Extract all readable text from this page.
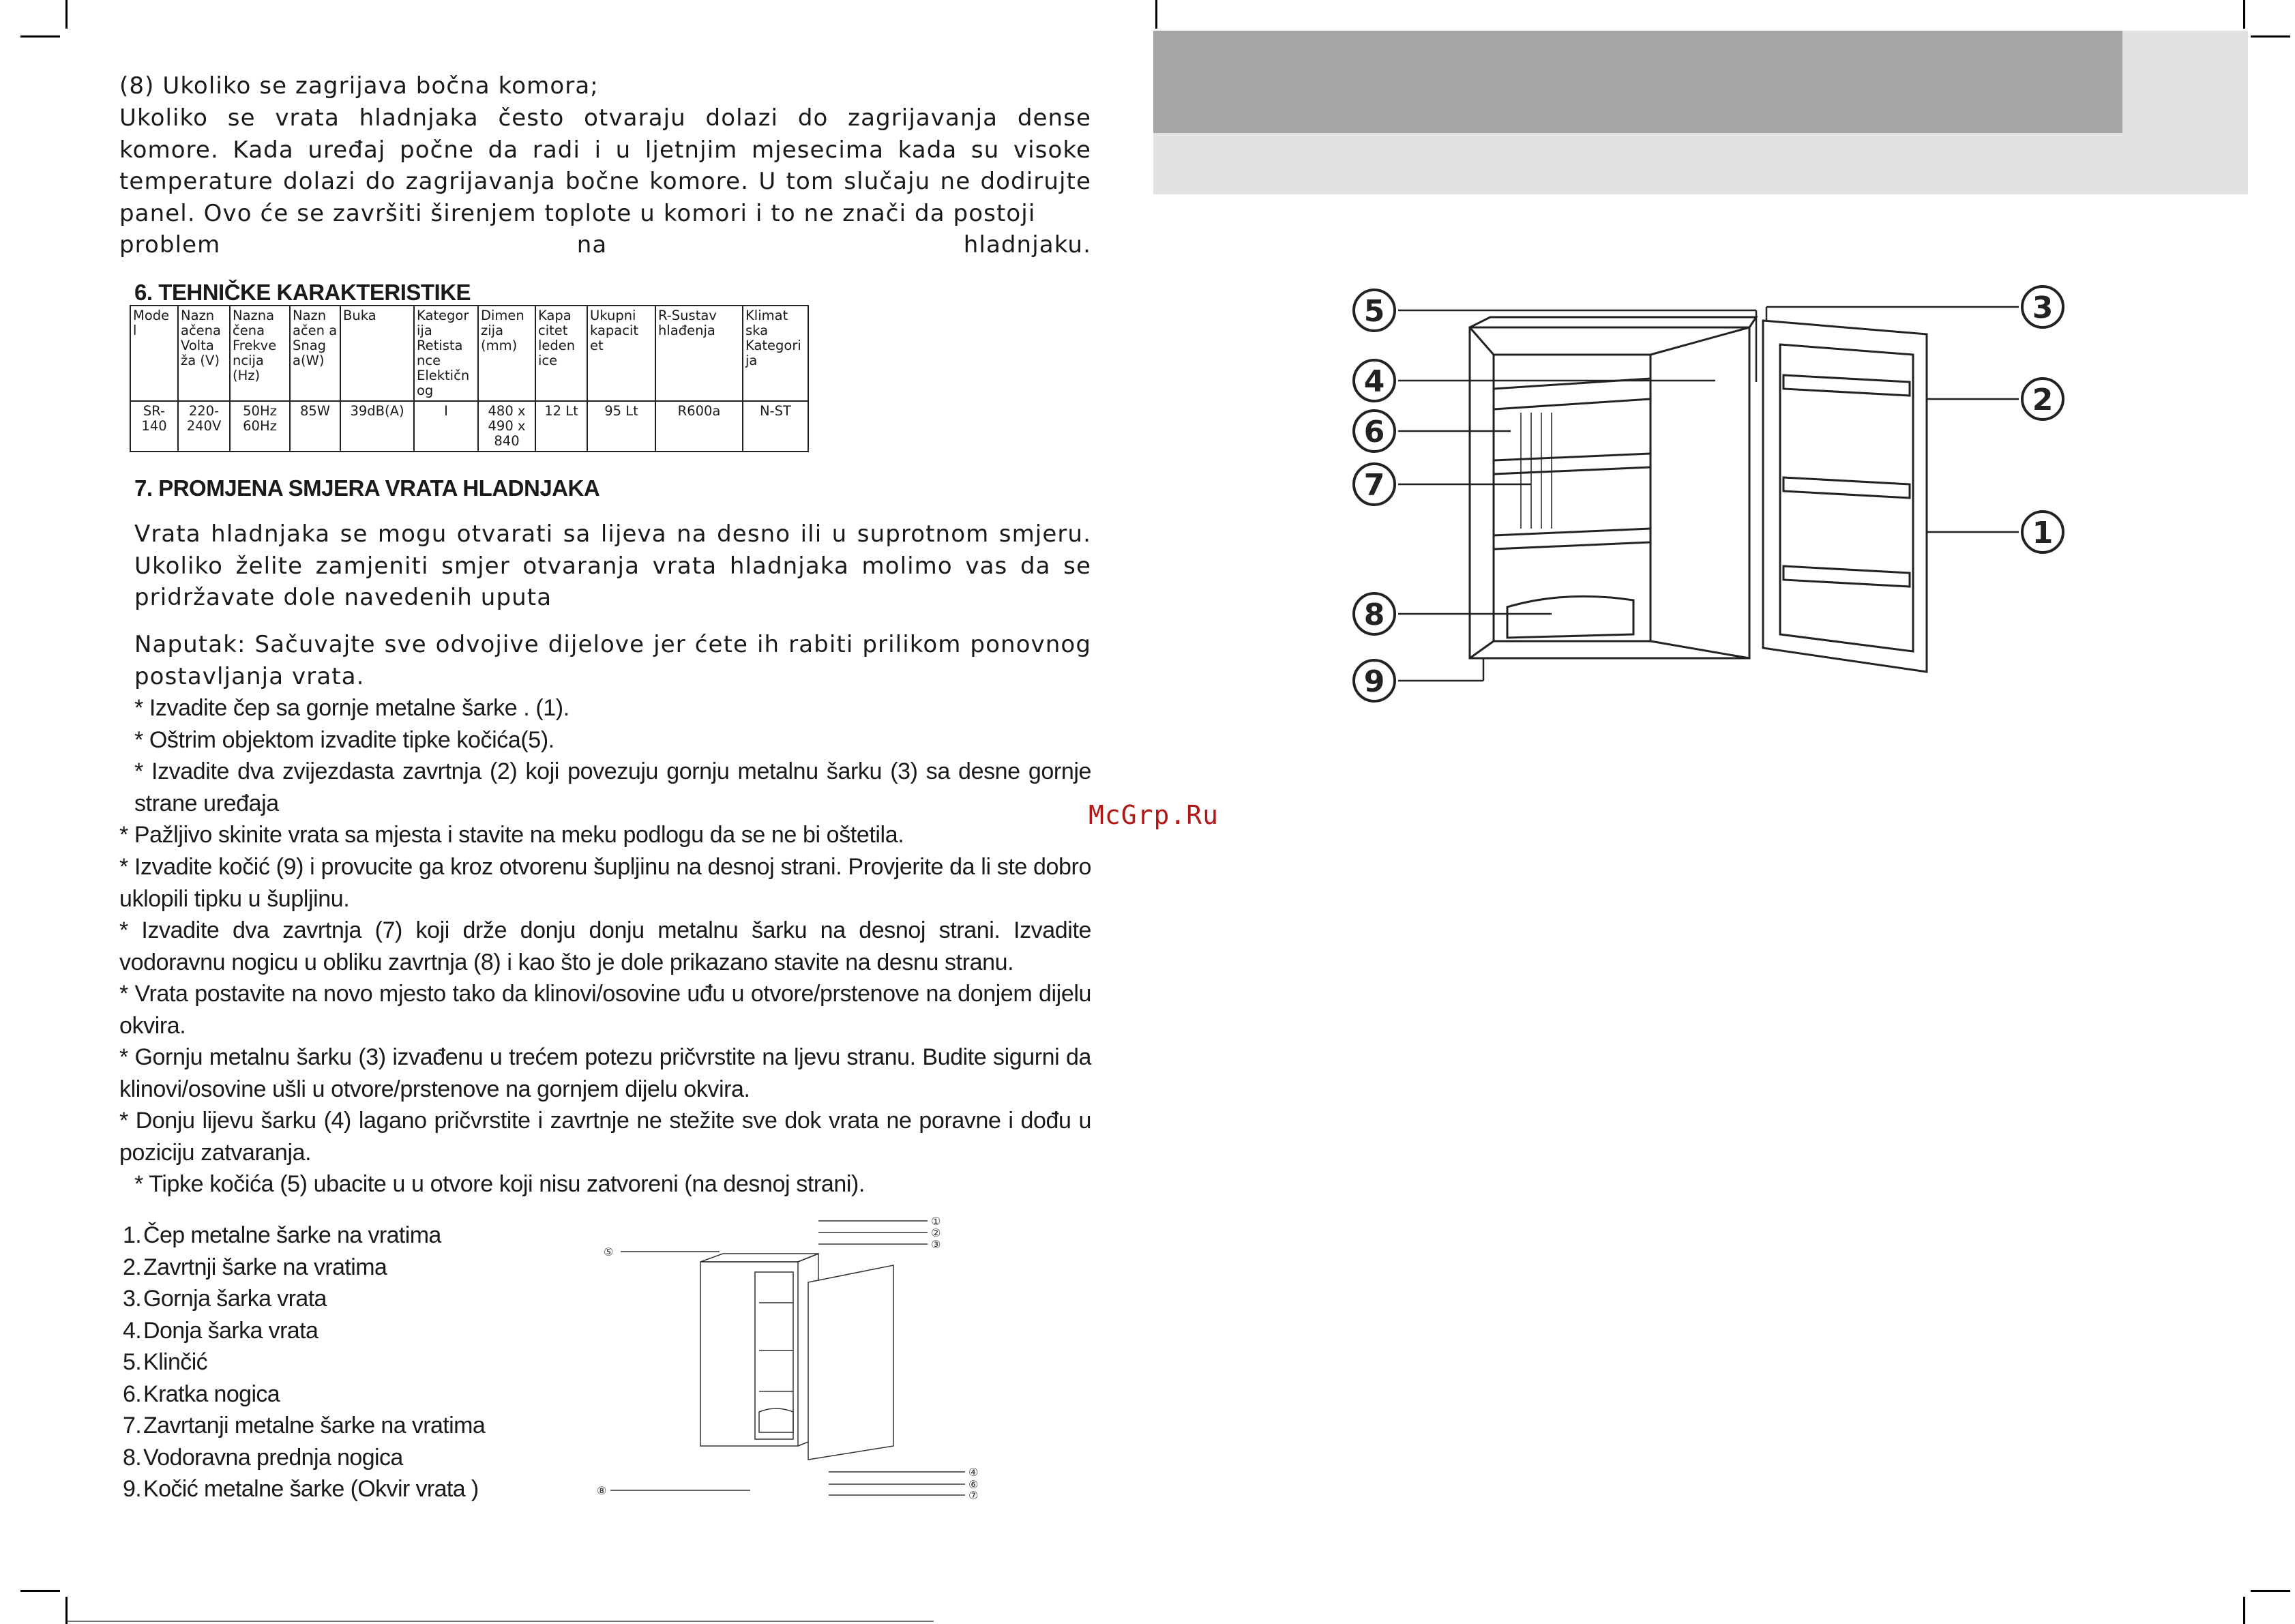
(8) Ukoliko se zagrijava bočna komora;
Ukoliko se vrata hladnjaka često otvaraju dolazi do zagrijavanja dense komore. Kada uređaj počne da radi i u ljetnjim mjesecima kada su visoke temperature dolazi do zagrijavanja bočne komore. U tom slučaju ne dodirujte panel. Ovo će se završiti širenjem toplote u komori i to ne znači da postoji
problem na hladnjaku.
6. TEHNIČKE KARAKTERISTIKE
Mode l	Nazn ačena Volta ža (V)	Nazna čena Frekve ncija (Hz)	Nazn ačen a Snag a(W)	Buka	Kategor ija Retista nce Elektičn og	Dimen zija (mm)	Kapa citet leden ice	Ukupni kapacit et	R-Sustav hlađenja	Klimat ska Kategori ja
SR-140	220-240V	50Hz 60Hz	85W	39dB(A)	I	480 x 490 x 840	12 Lt	95 Lt	R600a	N-ST
7. PROMJENA SMJERA VRATA HLADNJAKA
Vrata hladnjaka se mogu otvarati sa lijeva na desno ili u suprotnom smjeru. Ukoliko želite zamjeniti smjer otvaranja vrata hladnjaka molimo vas da se pridržavate dole navedenih uputa
Naputak: Sačuvajte sve odvojive dijelove jer ćete ih rabiti prilikom ponovnog postavljanja vrata.
* Izvadite čep sa gornje metalne šarke . (1).
* Oštrim objektom izvadite tipke kočića(5).
* Izvadite dva zvijezdasta zavrtnja (2) koji povezuju gornju metalnu šarku (3) sa desne gornje strane uređaja
* Pažljivo skinite vrata sa mjesta i stavite na meku podlogu da se ne bi oštetila.
* Izvadite kočić (9) i provucite ga kroz otvorenu šupljinu na desnoj strani. Provjerite da li ste dobro uklopili tipku u šupljinu.
* Izvadite dva zavrtnja (7) koji drže donju donju metalnu šarku na desnoj strani. Izvadite vodoravnu nogicu u obliku zavrtnja (8) i kao što je dole prikazano stavite na desnu stranu.
* Vrata postavite na novo mjesto tako da klinovi/osovine uđu u otvore/prstenove na donjem dijelu okvira.
* Gornju metalnu šarku (3) izvađenu u trećem potezu pričvrstite na ljevu stranu. Budite sigurni da klinovi/osovine ušli u otvore/prstenove na gornjem dijelu okvira.
* Donju lijevu šarku (4) lagano pričvrstite i zavrtnje ne stežite sve dok vrata ne poravne i dođu u poziciju zatvaranja.
* Tipke kočića (5) ubacite u u otvore koji nisu zatvoreni (na desnoj strani).
1.Čep metalne šarke na vratima
2.Zavrtnji šarke na vratima
3.Gornja šarka vrata
4.Donja šarka vrata
5.Klinčić
6.Kratka nogica
7.Zavrtanji metalne šarke na vratima
8.Vodoravna prednja nogica
9.Kočić metalne šarke (Okvir vrata )
①
②
③
⑤
④
⑥
⑦
⑧
McGrp.Ru
5
4
6
7
8
9
3
2
1
